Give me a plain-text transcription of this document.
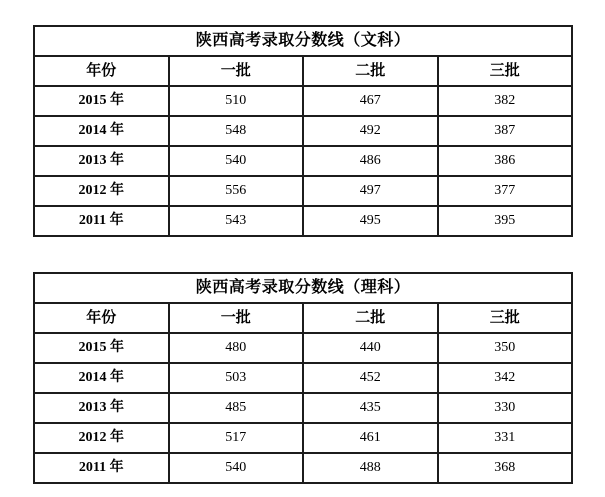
陕西高考录取分数线（文科）			
年份	一批	二批	三批
2015 年	510	467	382
2014 年	548	492	387
2013 年	540	486	386
2012 年	556	497	377
2011 年	543	495	395
陕西高考录取分数线（理科）			
年份	一批	二批	三批
2015 年	480	440	350
2014 年	503	452	342
2013 年	485	435	330
2012 年	517	461	331
2011 年	540	488	368
